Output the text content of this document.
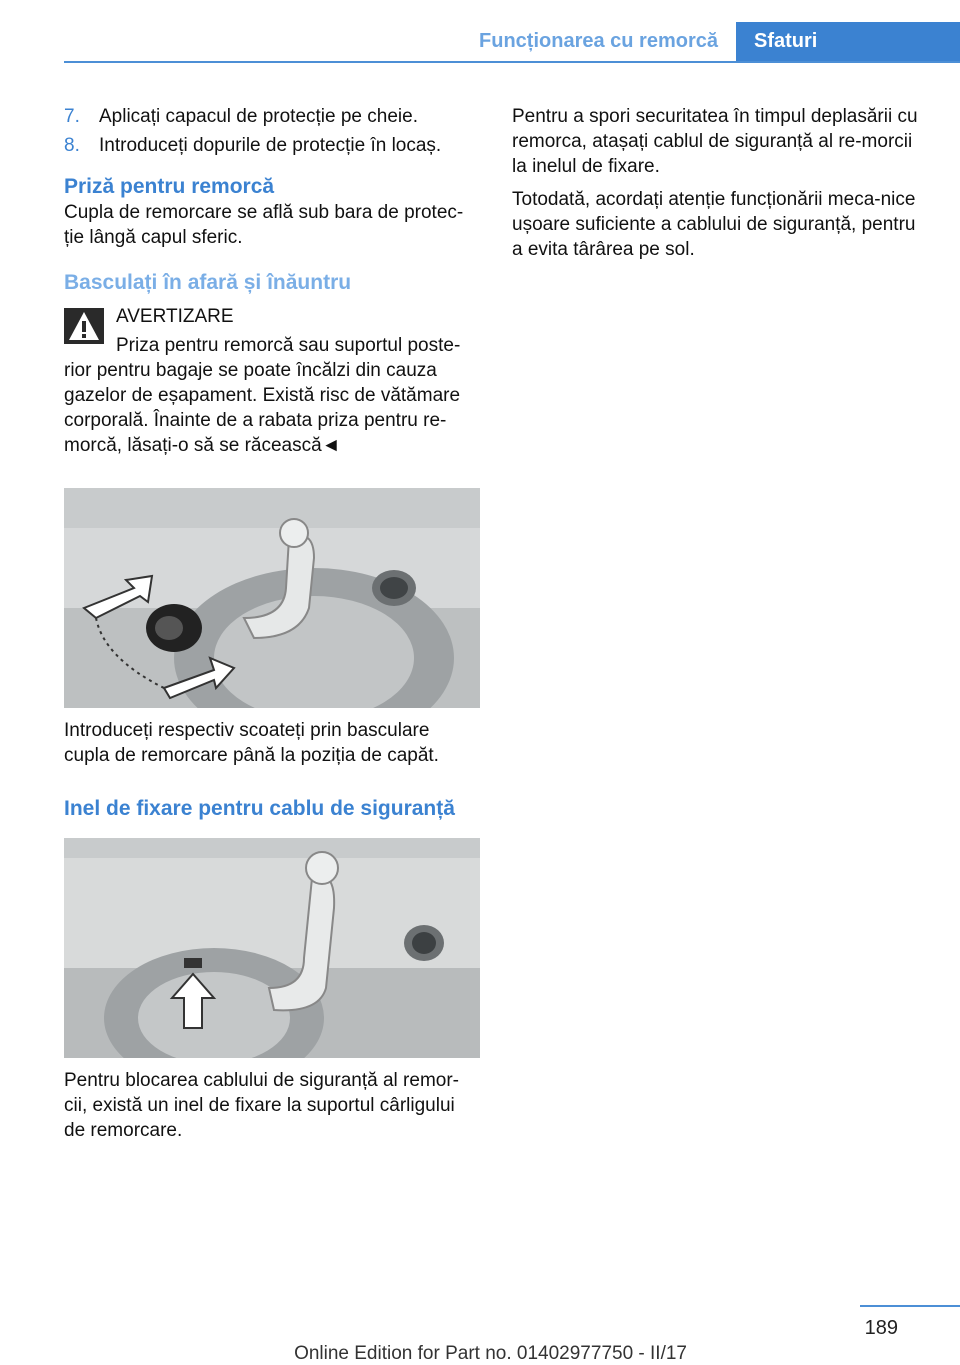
Funcționarea cu remorcă Sfaturi
7. Aplicați capacul de protecție pe cheie.
8. Introduceți dopurile de protecție în locaș.
Priză pentru remorcă

Cupla de remorcare se află sub bara de protec-ție lângă capul sferic.

Basculați în afară și înăuntru

AVERTIZARE

Priza pentru remorcă sau suportul poste-

rior pentru bagaje se poate încălzi din cauza gazelor de eșapament. Există risc de vătămare corporală. Înainte de a rabata priza pentru re-morcă, lăsați-o să se răcească◄

Introduceți respectiv scoateți prin basculare cupla de remorcare până la poziția de capăt.

Inel de fixare pentru cablu de siguranță

Pentru blocarea cablului de siguranță al remor-cii, există un inel de fixare la suportul cârligului de remorcare.

Pentru a spori securitatea în timpul deplasării cu remorca, atașați cablul de siguranță al re-morcii la inelul de fixare.

Totodată, acordați atenție funcționării meca-nice ușoare suficiente a cablului de siguranță, pentru a evita târârea pe sol.

189
Online Edition for Part no. 01402977750 - II/17
